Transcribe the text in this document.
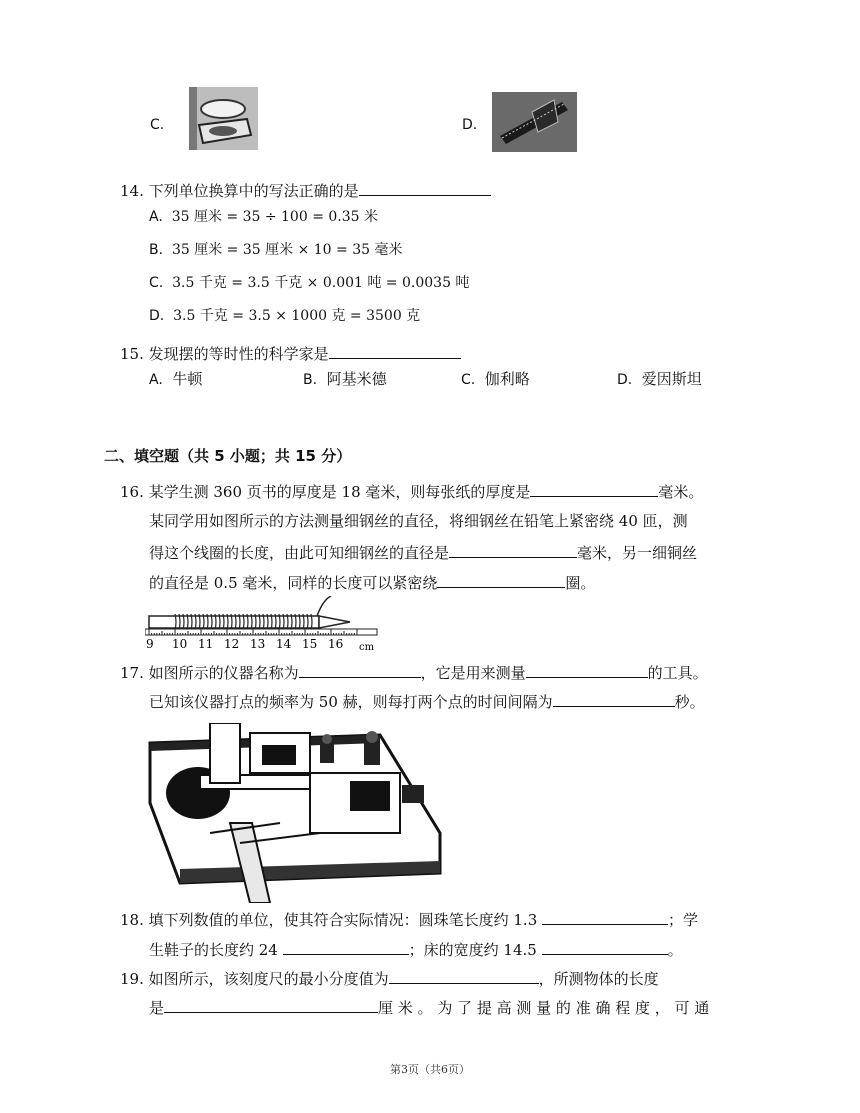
C.	D.
14. 下列单位换算中的写法正确的是
A. 35 厘米 = 35 ÷ 100 = 0.35 米
B. 35 厘米 = 35 厘米 × 10 = 35 毫米
C. 3.5 千克 = 3.5 千克 × 0.001 吨 = 0.0035 吨
D. 3.5 千克 = 3.5 × 1000 克 = 3500 克
15. 发现摆的等时性的科学家是
A. 牛顿	B. 阿基米德	C. 伽利略	D. 爱因斯坦
二、填空题（共 5 小题；共 15 分）
16. 某学生测 360 页书的厚度是 18 毫米，则每张纸的厚度是	毫米。
某同学用如图所示的方法测量细钢丝的直径，将细钢丝在铅笔上紧密绕 40 匝，测
得这个线圈的长度，由此可知细钢丝的直径是	毫米，另一细铜丝
的直径是 0.5 毫米，同样的长度可以紧密绕	圈。
9 10 11 12 13 14 15 16 cm
17. 如图所示的仪器名称为	，它是用来测量	的工具。
已知该仪器打点的频率为 50 赫，则每打两个点的时间间隔为	秒。
18. 填下列数值的单位，使其符合实际情况：圆珠笔长度约 1.3	；学
生鞋子的长度约 24	；床的宽度约 14.5	。
19. 如图所示，该刻度尺的最小分度值为	，所测物体的长度
是	厘 米 。 为 了 提 高 测 量 的 准 确 程 度 ， 可 通
第3页（共6页）
